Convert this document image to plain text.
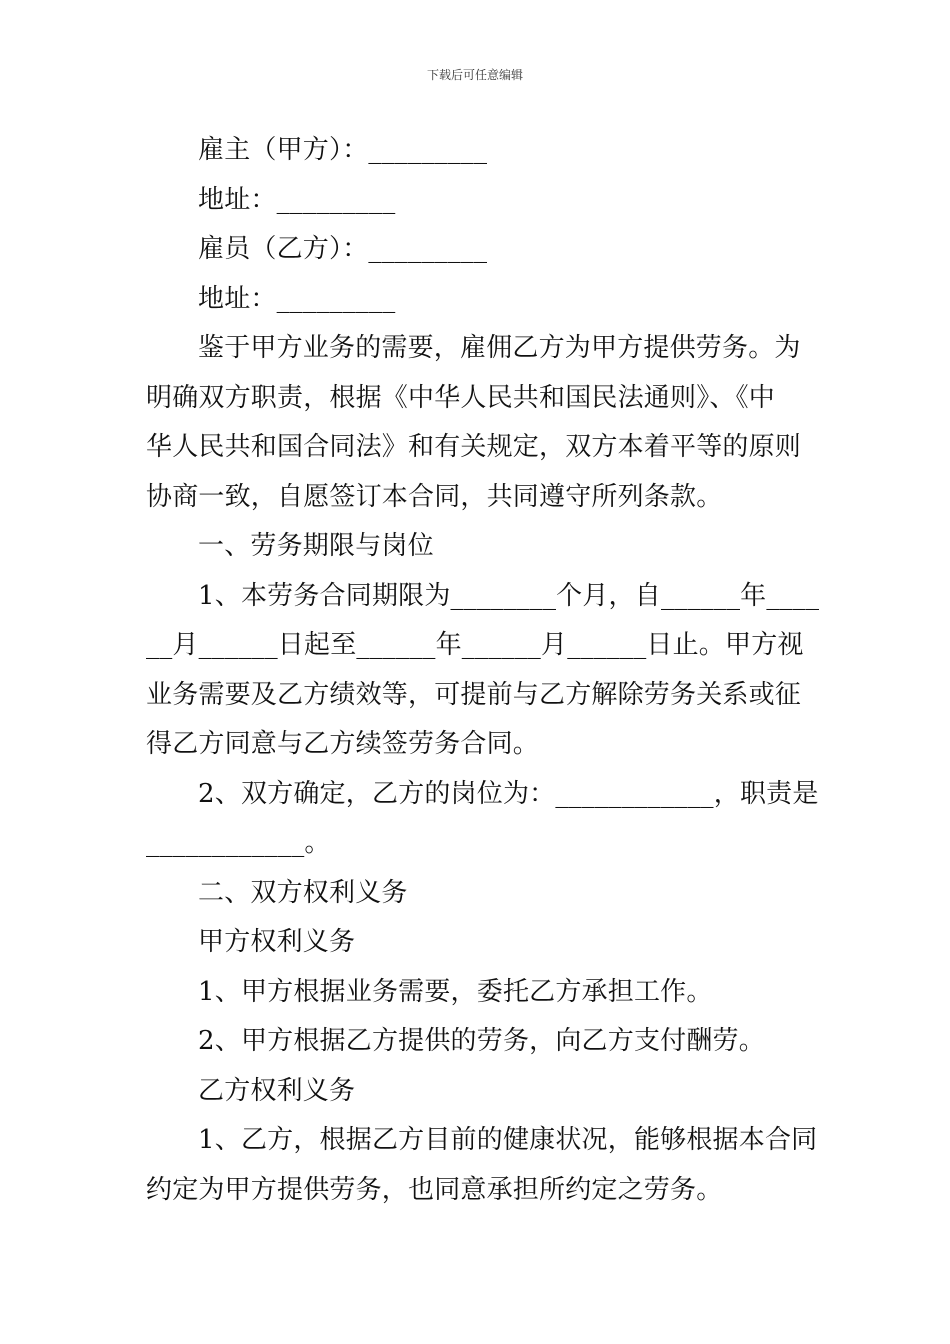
下载后可任意编辑
雇主（甲方）：_________
地址：_________
雇员（乙方）：_________
地址：_________
鉴于甲方业务的需要，雇佣乙方为甲方提供劳务。为
明确双方职责，根据《中华人民共和国民法通则》、《中
华人民共和国合同法》和有关规定，双方本着平等的原则
协商一致，自愿签订本合同，共同遵守所列条款。
一、劳务期限与岗位
1、本劳务合同期限为________个月，自______年____
__月______日起至______年______月______日止。甲方视
业务需要及乙方绩效等，可提前与乙方解除劳务关系或征
得乙方同意与乙方续签劳务合同。
2、双方确定，乙方的岗位为：____________，职责是
____________。
二、双方权利义务
甲方权利义务
1、甲方根据业务需要，委托乙方承担工作。
2、甲方根据乙方提供的劳务，向乙方支付酬劳。
乙方权利义务
1、乙方，根据乙方目前的健康状况，能够根据本合同
约定为甲方提供劳务，也同意承担所约定之劳务。
